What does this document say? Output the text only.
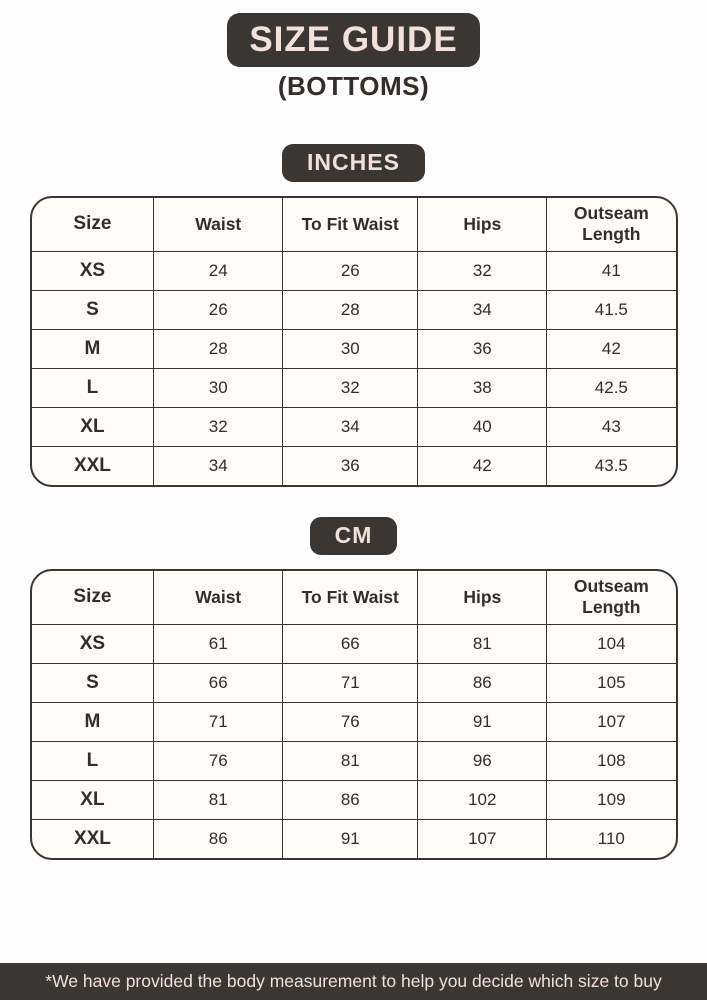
SIZE GUIDE
(BOTTOMS)
INCHES
Size	Waist	To Fit Waist	Hips	Outseam Length
XS	24	26	32	41
S	26	28	34	41.5
M	28	30	36	42
L	30	32	38	42.5
XL	32	34	40	43
XXL	34	36	42	43.5
CM
Size	Waist	To Fit Waist	Hips	Outseam Length
XS	61	66	81	104
S	66	71	86	105
M	71	76	91	107
L	76	81	96	108
XL	81	86	102	109
XXL	86	91	107	110
*We have provided the body measurement to help you decide which size to buy
